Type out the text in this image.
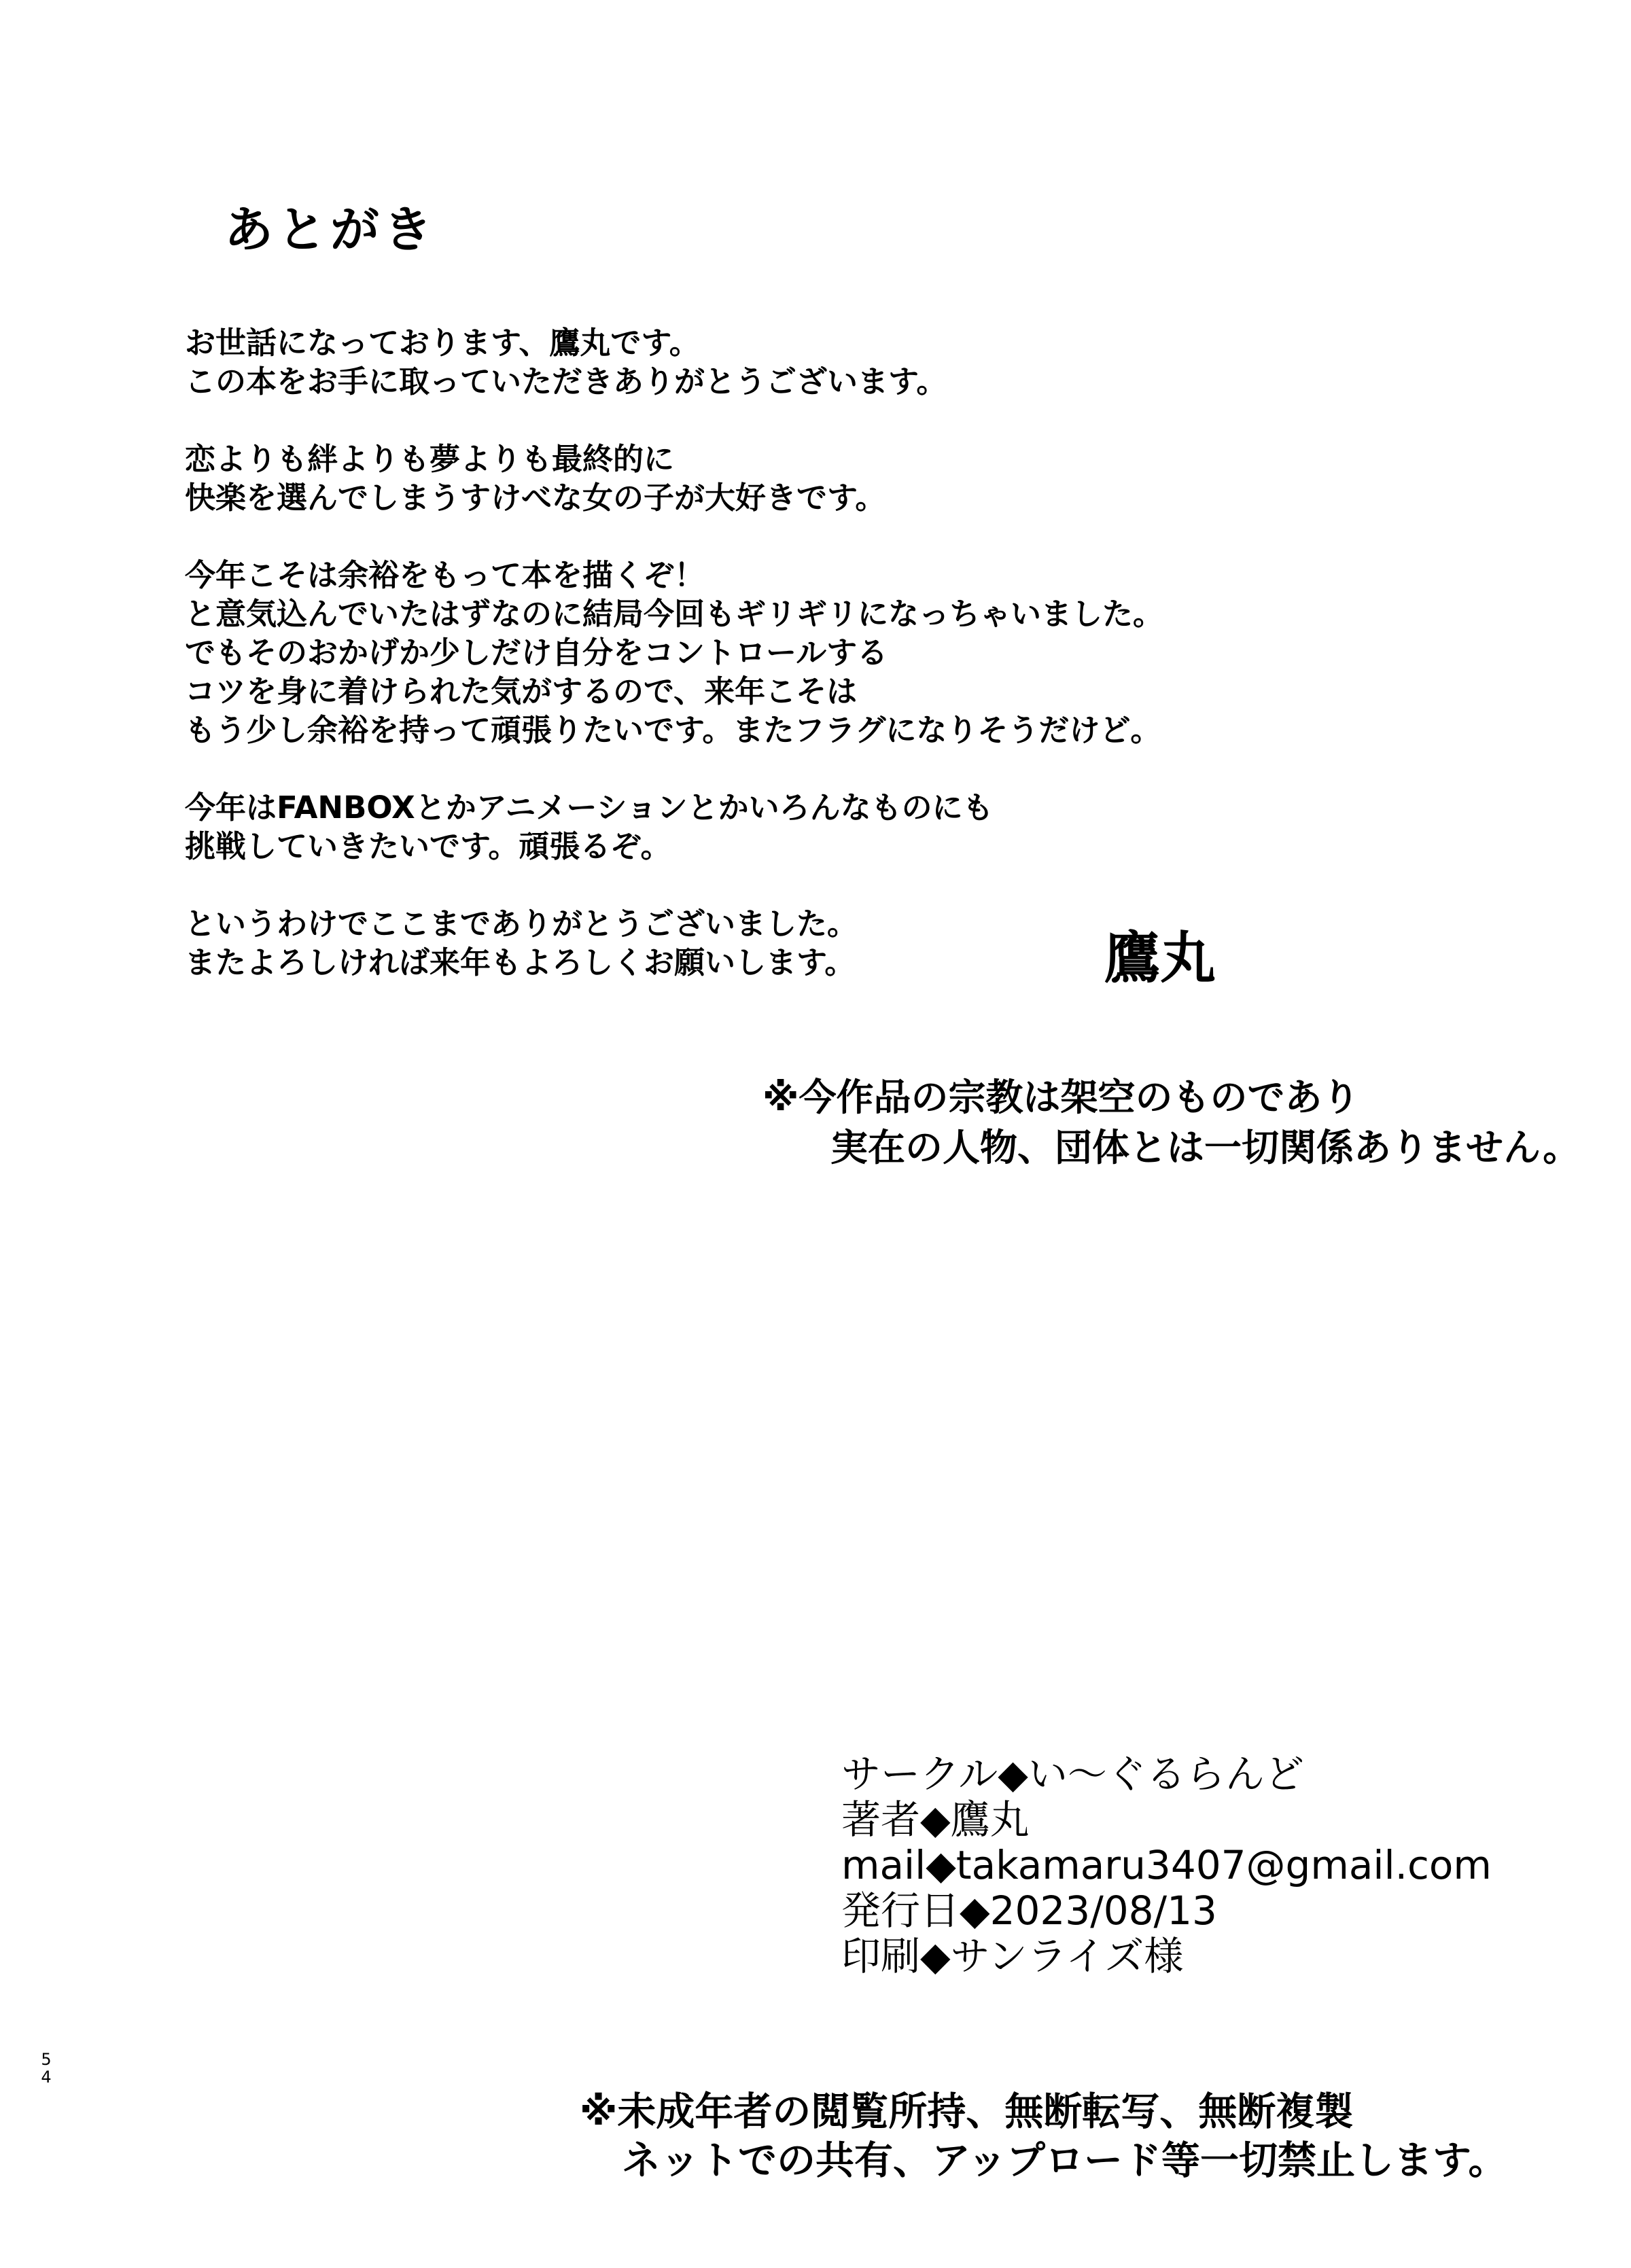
あとがき
お世話になっております、鷹丸です。
この本をお手に取っていただきありがとうございます。
恋よりも絆よりも夢よりも最終的に
快楽を選んでしまうすけべな女の子が大好きです。
今年こそは余裕をもって本を描くぞ！
と意気込んでいたはずなのに結局今回もギリギリになっちゃいました。
でもそのおかげか少しだけ自分をコントロールする
コツを身に着けられた気がするので、来年こそは
もう少し余裕を持って頑張りたいです。またフラグになりそうだけど。
今年はFANBOXとかアニメーションとかいろんなものにも
挑戦していきたいです。頑張るぞ。
というわけでここまでありがとうございました。
またよろしければ来年もよろしくお願いします。	鷹丸
※今作品の宗教は架空のものであり
実在の人物、団体とは一切関係ありません。
サークル◆い～ぐるらんど
著者◆鷹丸
mail◆takamaru3407@gmail.com
発行日◆2023/08/13
印刷◆サンライズ様
5
4
※未成年者の閲覧所持、無断転写、無断複製
ネットでの共有、アップロード等一切禁止します。
